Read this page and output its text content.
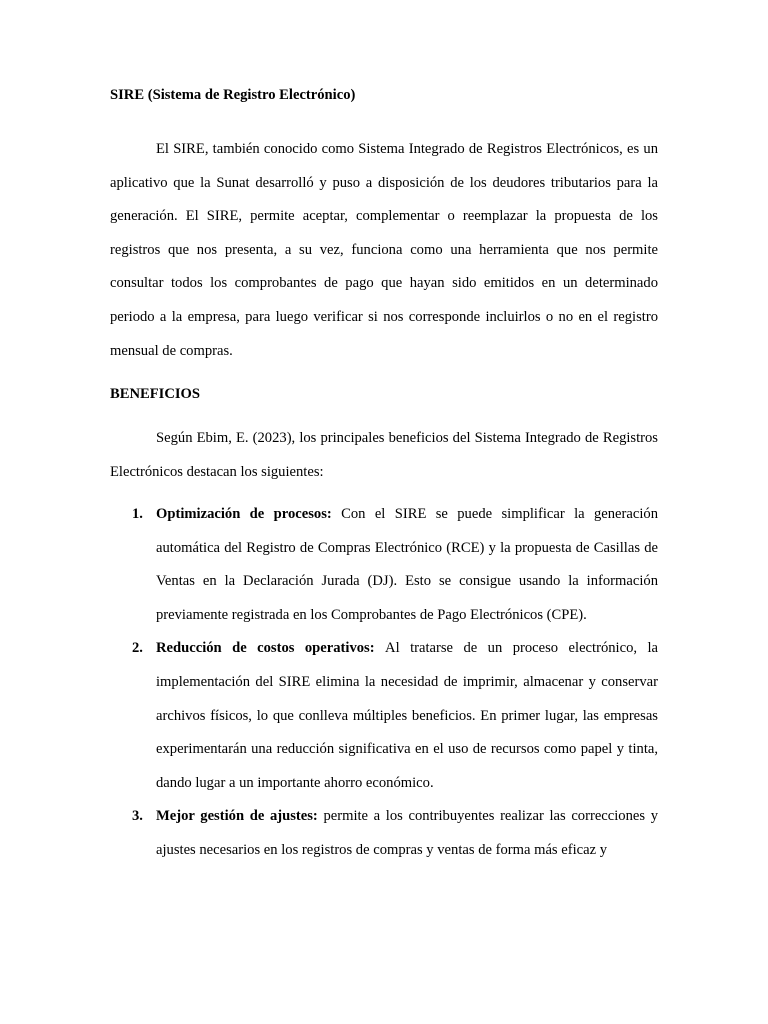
SIRE (Sistema de Registro Electrónico)

El SIRE, también conocido como Sistema Integrado de Registros Electrónicos, es un aplicativo que la Sunat desarrolló y puso a disposición de los deudores tributarios para la generación. El SIRE, permite aceptar, complementar o reemplazar la propuesta de los registros que nos presenta, a su vez, funciona como una herramienta que nos permite consultar todos los comprobantes de pago que hayan sido emitidos en un determinado periodo a la empresa, para luego verificar si nos corresponde incluirlos o no en el registro mensual de compras.

BENEFICIOS

Según Ebim, E. (2023), los principales beneficios del Sistema Integrado de Registros Electrónicos destacan los siguientes:

1. Optimización de procesos: Con el SIRE se puede simplificar la generación automática del Registro de Compras Electrónico (RCE) y la propuesta de Casillas de Ventas en la Declaración Jurada (DJ). Esto se consigue usando la información previamente registrada en los Comprobantes de Pago Electrónicos (CPE).
2. Reducción de costos operativos: Al tratarse de un proceso electrónico, la implementación del SIRE elimina la necesidad de imprimir, almacenar y conservar archivos físicos, lo que conlleva múltiples beneficios. En primer lugar, las empresas experimentarán una reducción significativa en el uso de recursos como papel y tinta, dando lugar a un importante ahorro económico.
3. Mejor gestión de ajustes: permite a los contribuyentes realizar las correcciones y ajustes necesarios en los registros de compras y ventas de forma más eficaz y
